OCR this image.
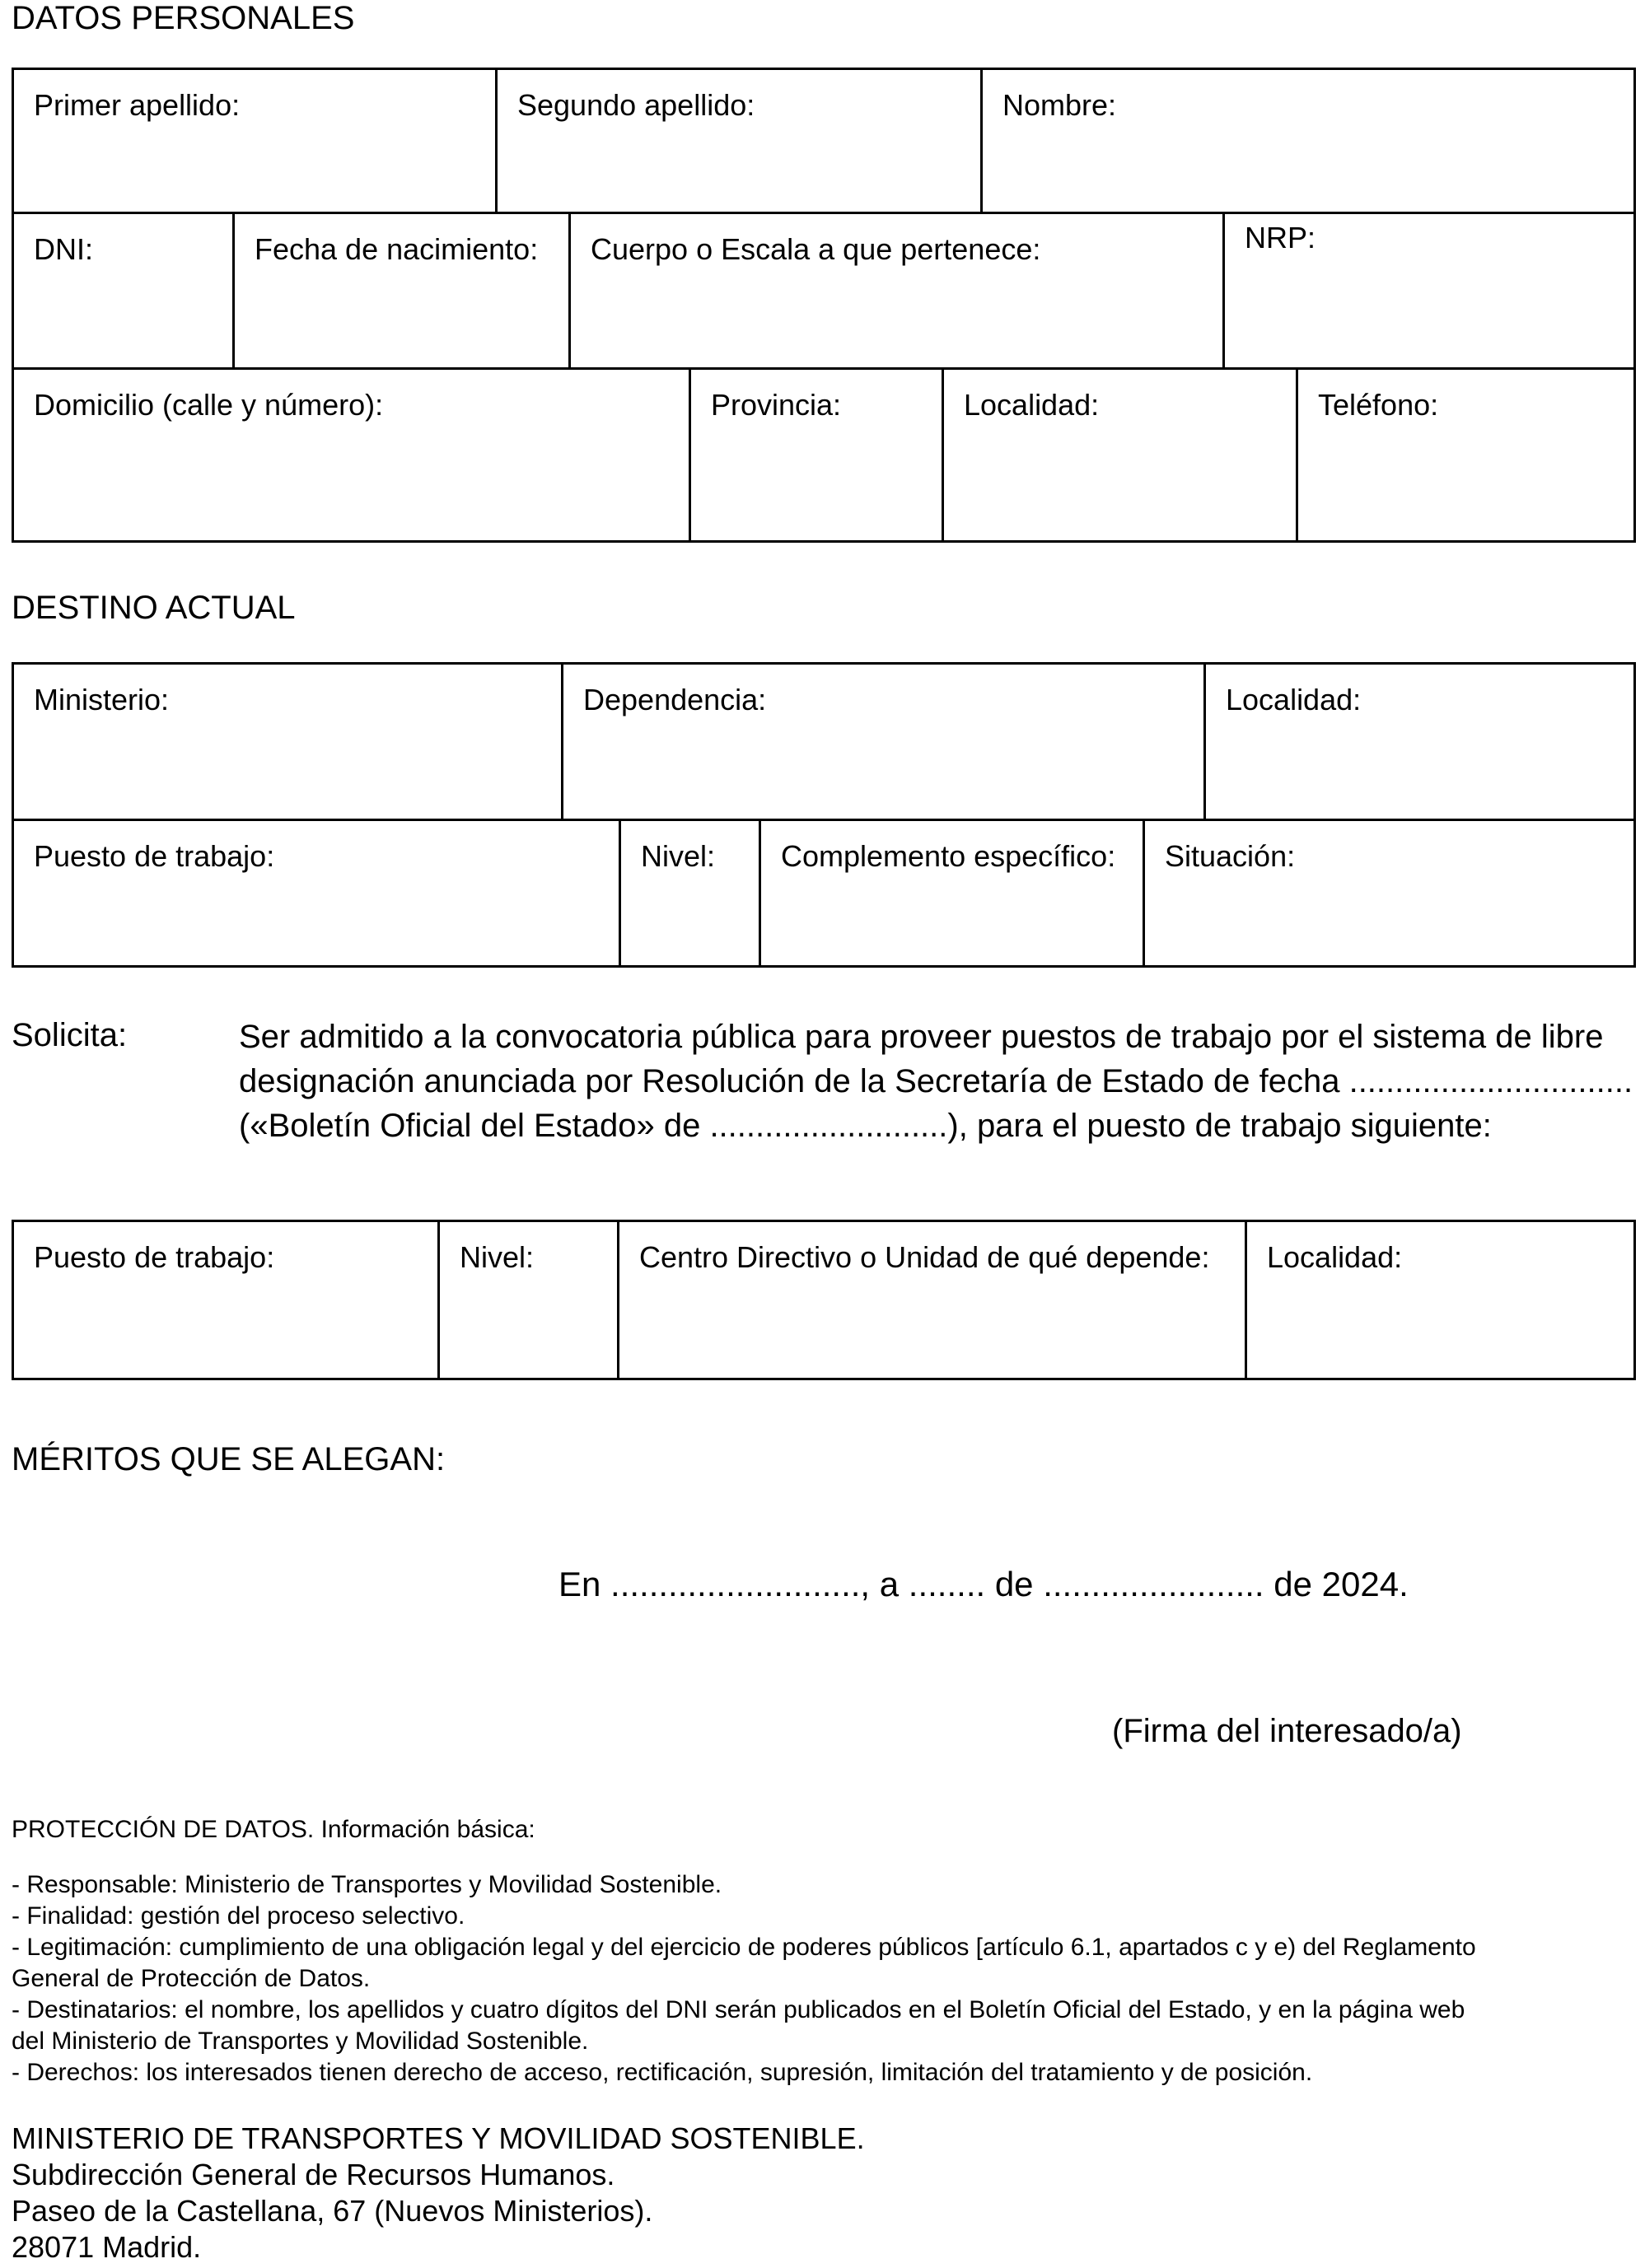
DATOS PERSONALES
Primer apellido:	Segundo apellido:	Nombre:
DNI:	Fecha de nacimiento:	Cuerpo o Escala a que pertenece:	NRP:
Domicilio (calle y número):	Provincia:	Localidad:	Teléfono:
DESTINO ACTUAL
Ministerio:	Dependencia:	Localidad:
Puesto de trabajo:	Nivel:	Complemento específico:	Situación:
Solicita:	Ser admitido a la convocatoria pública para proveer puestos de trabajo por el sistema de libre
designación anunciada por Resolución de la Secretaría de Estado de fecha ...............................
(«Boletín Oficial del Estado» de ..........................), para el puesto de trabajo siguiente:
Puesto de trabajo:	Nivel:	Centro Directivo o Unidad de qué depende:	Localidad:
MÉRITOS QUE SE ALEGAN:
En .........................., a ........ de ....................... de 2024.
(Firma del interesado/a)
PROTECCIÓN DE DATOS. Información básica:
- Responsable: Ministerio de Transportes y Movilidad Sostenible.
- Finalidad: gestión del proceso selectivo.
- Legitimación: cumplimiento de una obligación legal y del ejercicio de poderes públicos [artículo 6.1, apartados c y e) del Reglamento
General de Protección de Datos.
- Destinatarios: el nombre, los apellidos y cuatro dígitos del DNI serán publicados en el Boletín Oficial del Estado, y en la página web
del Ministerio de Transportes y Movilidad Sostenible.
- Derechos: los interesados tienen derecho de acceso, rectificación, supresión, limitación del tratamiento y de posición.
MINISTERIO DE TRANSPORTES Y MOVILIDAD SOSTENIBLE.
Subdirección General de Recursos Humanos.
Paseo de la Castellana, 67 (Nuevos Ministerios).
28071 Madrid.
